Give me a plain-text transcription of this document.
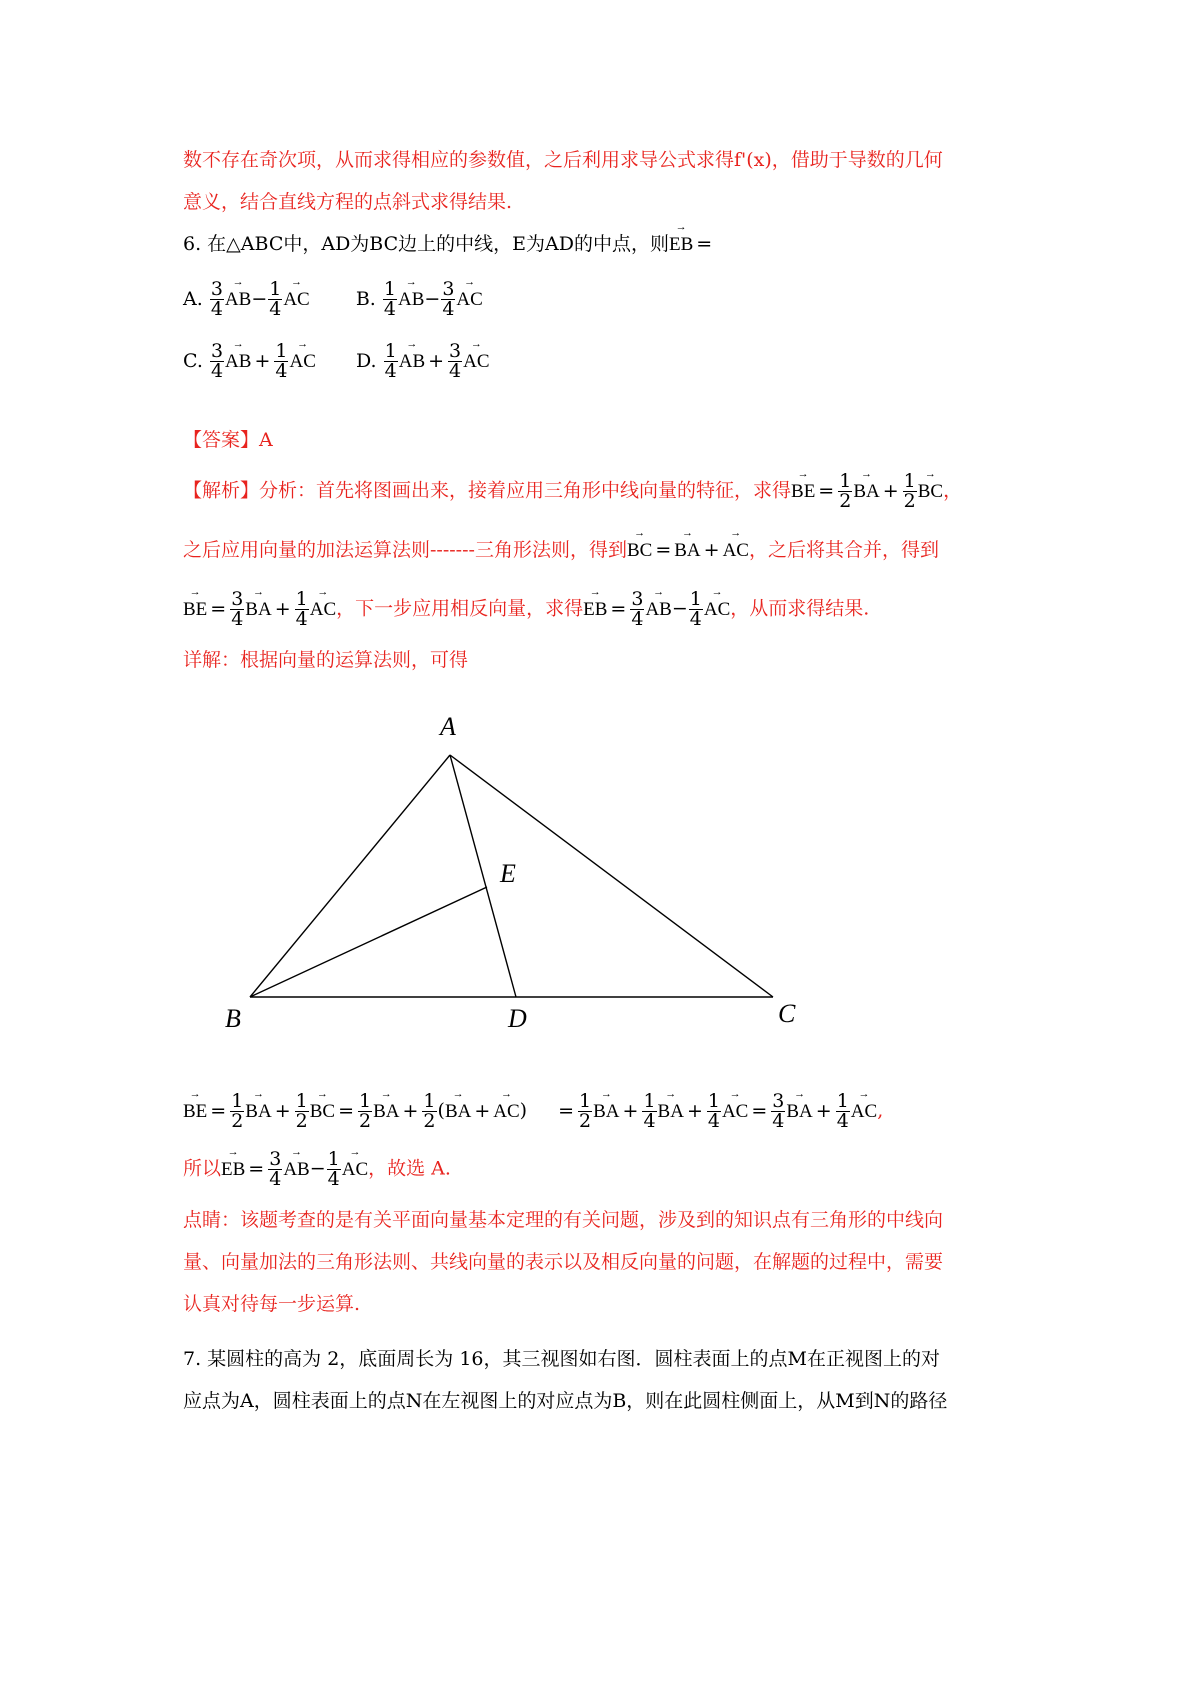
数不存在奇次项，从而求得相应的参数值，之后利用求导公式求得f'(x)，借助于导数的几何
意义，结合直线方程的点斜式求得结果.
6. 在△ABC中，AD为BC边上的中线，E为AD的中点，则→ EB =
A. $\frac{3}{4}$
→ $AB- \frac{1}{4}$
→ AC B. $\frac{1}{4}$
→ $AB- \frac{3}{4}$
→ AC
C. $\frac{3}{4}$
→ AB + $\frac{1}{4}$
→ AC D. $\frac{1}{4}$
→ AB + $\frac{3}{4}$
→ AC
【答案】A
【解析】分析：首先将图画出来，接着应用三角形中线向量的特征，求得→ BE = $\frac{1}{2}$
→ BA + $\frac{1}{2}$
→ BC，
之后应用向量的加法运算法则-------三角形法则，得到→ BC =→ BA +→ AC，之后将其合并，得到
→ BE = $\frac{3}{4}$
→ BA + $\frac{1}{4}$
→ AC，下一步应用相反向量，求得→ EB = $\frac{3}{4}$
→ $AB- \frac{1}{4}$
→ AC，从而求得结果.
详解：根据向量的运算法则，可得
A
B	C
D
E
→ BE = $\frac{1}{2}$
→ BA + $\frac{1}{2}$
→ BC = $\frac{1}{2}$
→ BA + $\frac{1}{2}$ (→ BA +→ $AC) = \frac{1}{2}$
→ BA + $\frac{1}{4}$
→ BA + $\frac{1}{4}$
→ AC = $\frac{3}{4}$
→ BA + $\frac{1}{4}$
→ AC,
所以→ EB = $\frac{3}{4}$
→ $AB- \frac{1}{4}$
→ AC，故选 A.
点睛：该题考查的是有关平面向量基本定理的有关问题，涉及到的知识点有三角形的中线向
量、向量加法的三角形法则、共线向量的表示以及相反向量的问题，在解题的过程中，需要
认真对待每一步运算.
7. 某圆柱的高为 2，底面周长为 16，其三视图如右图．圆柱表面上的点M在正视图上的对
应点为A，圆柱表面上的点N在左视图上的对应点为B，则在此圆柱侧面上，从M到N的路径
